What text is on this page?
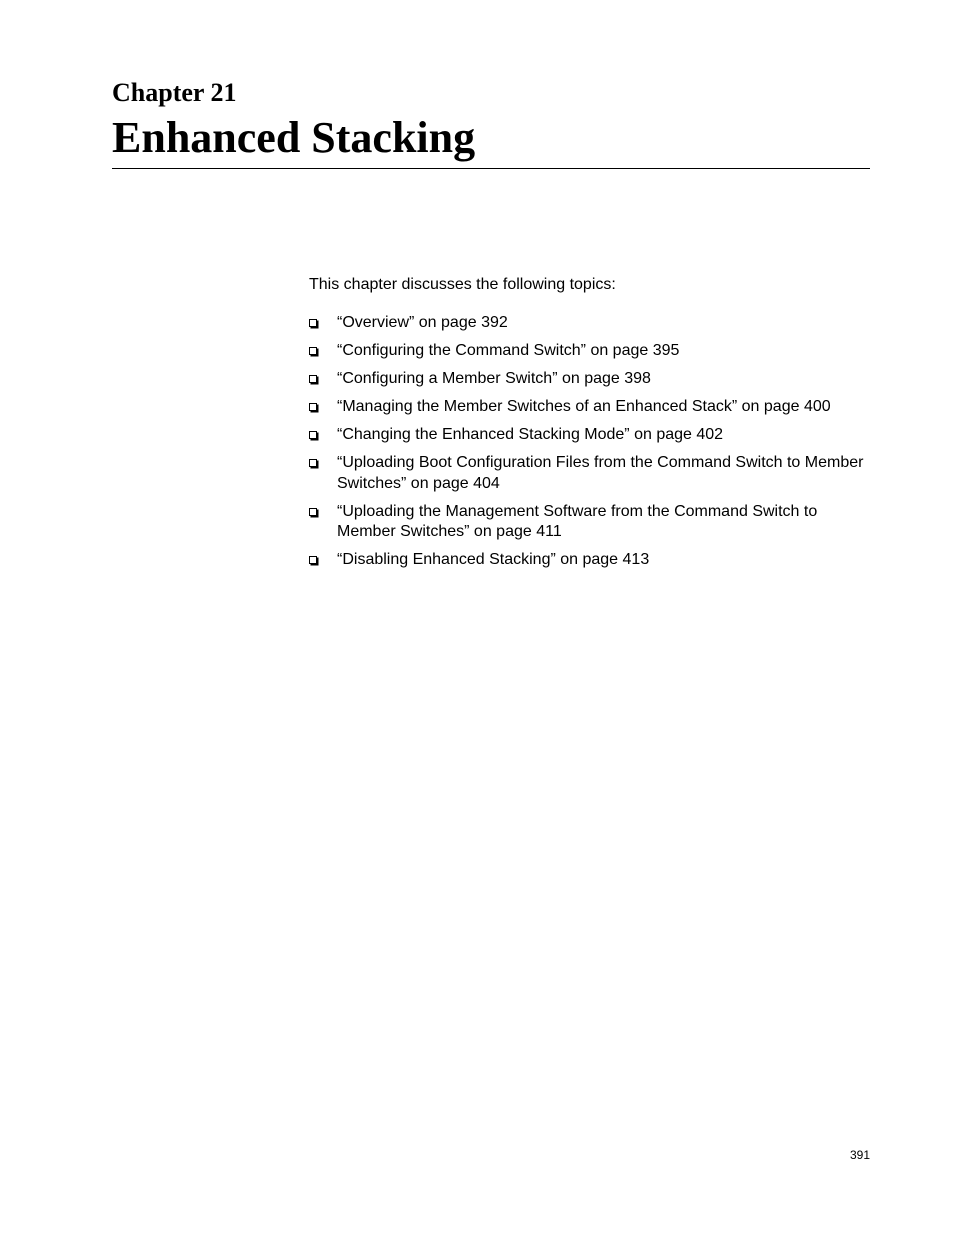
Chapter 21
Enhanced Stacking

This chapter discusses the following topics:

“Overview” on page 392
“Configuring the Command Switch” on page 395
“Configuring a Member Switch” on page 398
“Managing the Member Switches of an Enhanced Stack” on page 400
“Changing the Enhanced Stacking Mode” on page 402
“Uploading Boot Configuration Files from the Command Switch to Member Switches” on page 404
“Uploading the Management Software from the Command Switch to Member Switches” on page 411
“Disabling Enhanced Stacking” on page 413

391
